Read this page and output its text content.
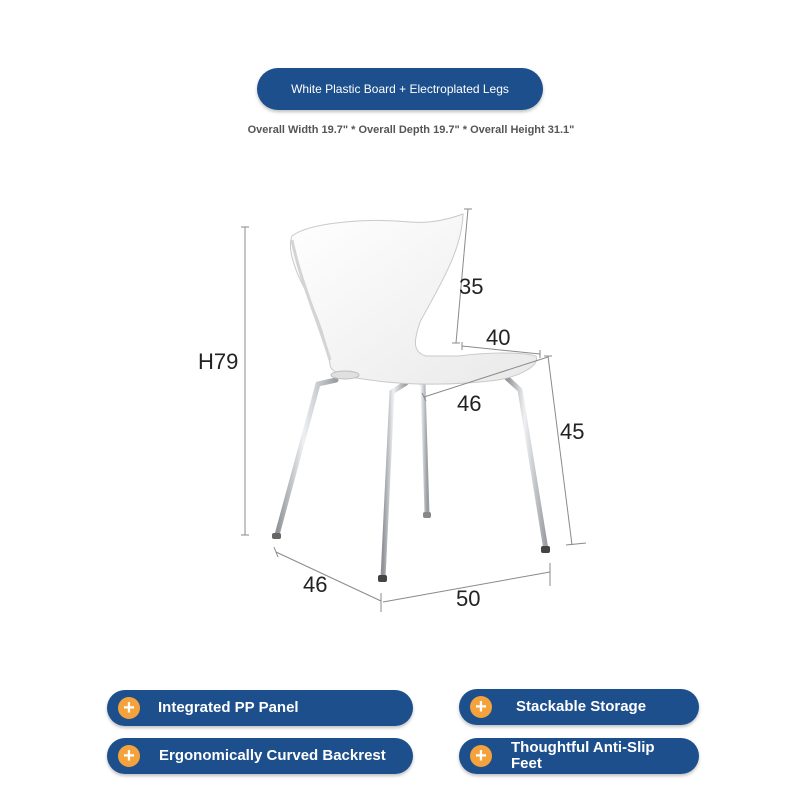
White Plastic Board + Electroplated Legs
Overall Width 19.7" * Overall Depth 19.7" * Overall Height 31.1"
H79
35
40
46
45
46
50
+	Integrated PP Panel	+	Stackable Storage
+	Ergonomically Curved Backrest	+	Thoughtful Anti-Slip Feet
